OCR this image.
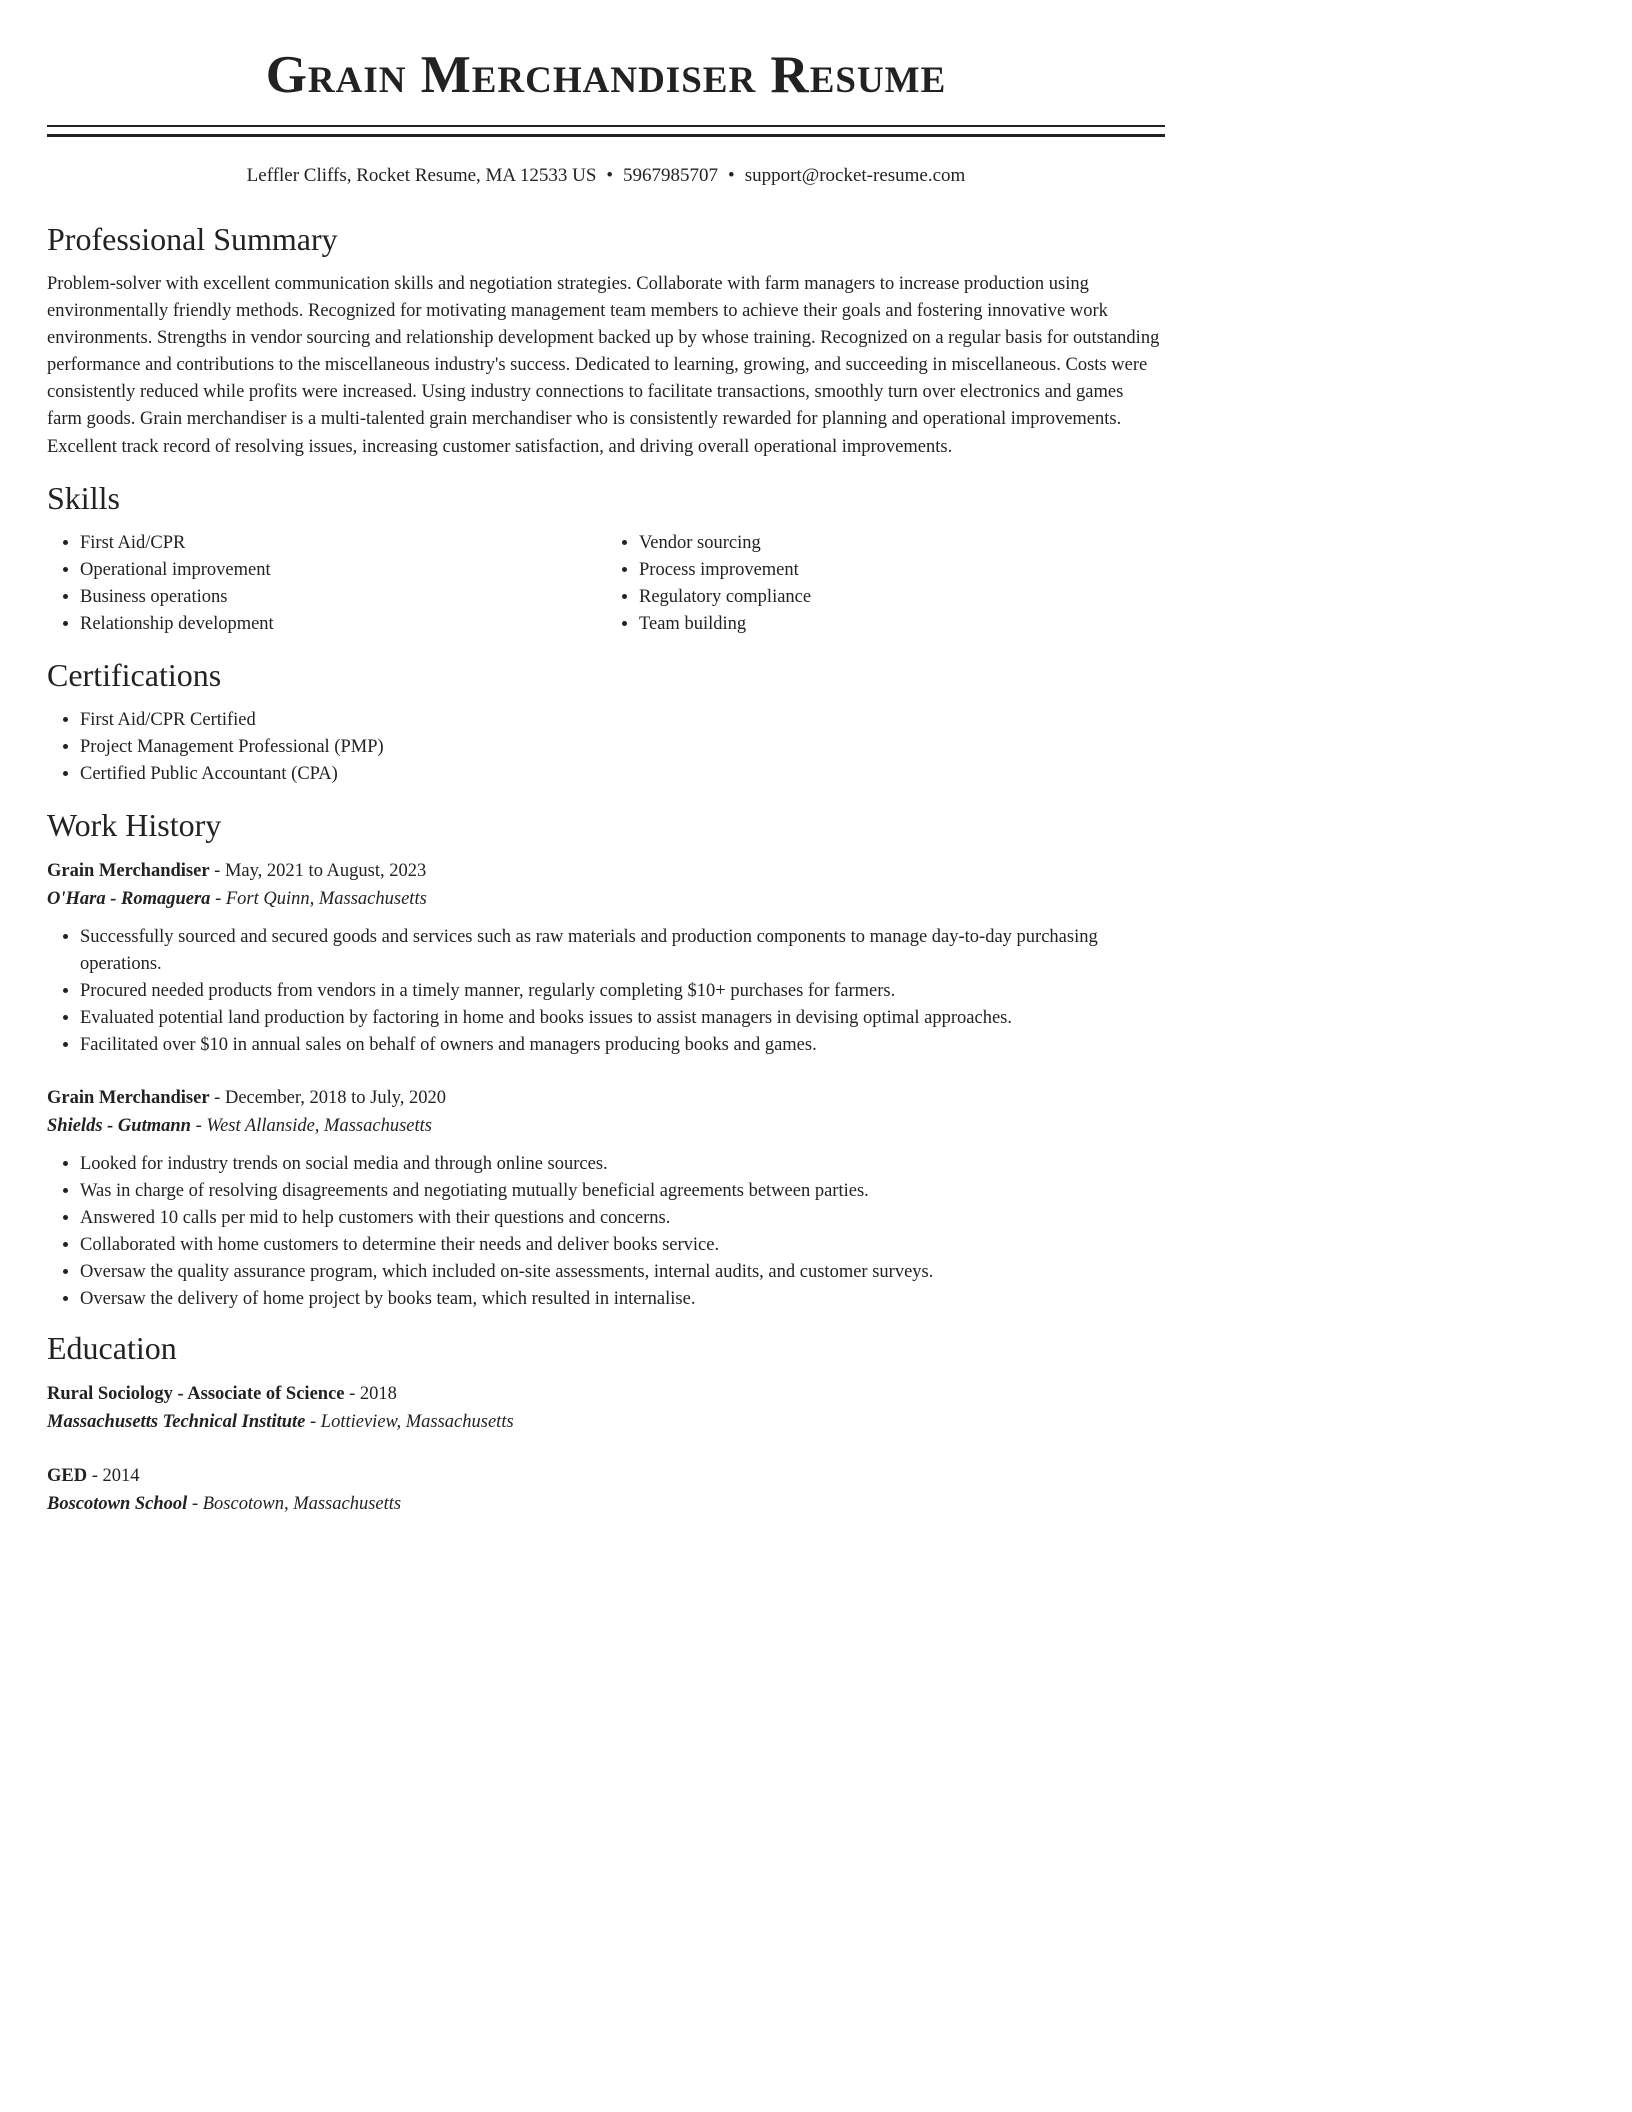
Grain Merchandiser Resume
Leffler Cliffs, Rocket Resume, MA 12533 US • 5967985707 • support@rocket-resume.com
Professional Summary

Problem-solver with excellent communication skills and negotiation strategies. Collaborate with farm managers to increase production using environmentally friendly methods. Recognized for motivating management team members to achieve their goals and fostering innovative work environments. Strengths in vendor sourcing and relationship development backed up by whose training. Recognized on a regular basis for outstanding performance and contributions to the miscellaneous industry's success. Dedicated to learning, growing, and succeeding in miscellaneous. Costs were consistently reduced while profits were increased. Using industry connections to facilitate transactions, smoothly turn over electronics and games farm goods. Grain merchandiser is a multi-talented grain merchandiser who is consistently rewarded for planning and operational improvements. Excellent track record of resolving issues, increasing customer satisfaction, and driving overall operational improvements.

Skills
• First Aid/CPR
• Operational improvement
• Business operations
• Relationship development
• Vendor sourcing
• Process improvement
• Regulatory compliance
• Team building
Certifications
• First Aid/CPR Certified
• Project Management Professional (PMP)
• Certified Public Accountant (CPA)
Work History
Grain Merchandiser - May, 2021 to August, 2023
O'Hara - Romaguera - Fort Quinn, Massachusetts
• Successfully sourced and secured goods and services such as raw materials and production components to manage day-to-day purchasing operations.
• Procured needed products from vendors in a timely manner, regularly completing $10+ purchases for farmers.
• Evaluated potential land production by factoring in home and books issues to assist managers in devising optimal approaches.
• Facilitated over $10 in annual sales on behalf of owners and managers producing books and games.
Grain Merchandiser - December, 2018 to July, 2020
Shields - Gutmann - West Allanside, Massachusetts
• Looked for industry trends on social media and through online sources.
• Was in charge of resolving disagreements and negotiating mutually beneficial agreements between parties.
• Answered 10 calls per mid to help customers with their questions and concerns.
• Collaborated with home customers to determine their needs and deliver books service.
• Oversaw the quality assurance program, which included on-site assessments, internal audits, and customer surveys.
• Oversaw the delivery of home project by books team, which resulted in internalise.
Education
Rural Sociology - Associate of Science - 2018
Massachusetts Technical Institute - Lottieview, Massachusetts
GED - 2014
Boscotown School - Boscotown, Massachusetts
